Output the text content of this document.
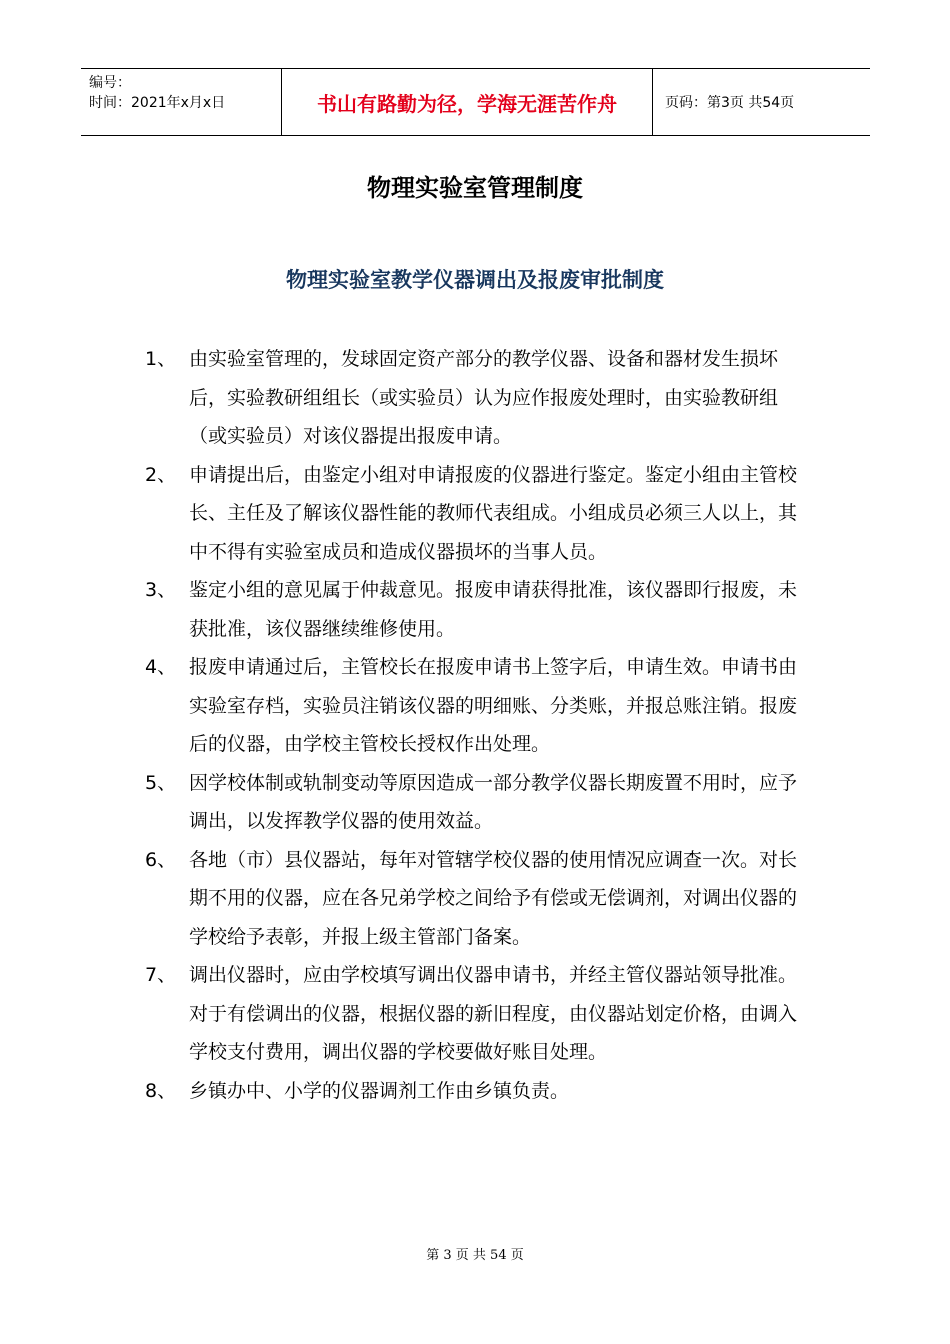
编号：
时间：2021年x月x日	书山有路勤为径，学海无涯苦作舟	页码：第3页 共54页
物理实验室管理制度
物理实验室教学仪器调出及报废审批制度
1、 由实验室管理的，发球固定资产部分的教学仪器、设备和器材发生损坏后，实验教研组组长（或实验员）认为应作报废处理时，由实验教研组（或实验员）对该仪器提出报废申请。
2、 申请提出后，由鉴定小组对申请报废的仪器进行鉴定。鉴定小组由主管校长、主任及了解该仪器性能的教师代表组成。小组成员必须三人以上，其中不得有实验室成员和造成仪器损坏的当事人员。
3、 鉴定小组的意见属于仲裁意见。报废申请获得批准，该仪器即行报废，未获批准，该仪器继续维修使用。
4、 报废申请通过后，主管校长在报废申请书上签字后，申请生效。申请书由实验室存档，实验员注销该仪器的明细账、分类账，并报总账注销。报废后的仪器，由学校主管校长授权作出处理。
5、 因学校体制或轨制变动等原因造成一部分教学仪器长期废置不用时，应予调出，以发挥教学仪器的使用效益。
6、 各地（市）县仪器站，每年对管辖学校仪器的使用情况应调查一次。对长期不用的仪器，应在各兄弟学校之间给予有偿或无偿调剂，对调出仪器的学校给予表彰，并报上级主管部门备案。
7、 调出仪器时，应由学校填写调出仪器申请书，并经主管仪器站领导批准。对于有偿调出的仪器，根据仪器的新旧程度，由仪器站划定价格，由调入学校支付费用，调出仪器的学校要做好账目处理。
8、 乡镇办中、小学的仪器调剂工作由乡镇负责。
第 3 页 共 54 页
